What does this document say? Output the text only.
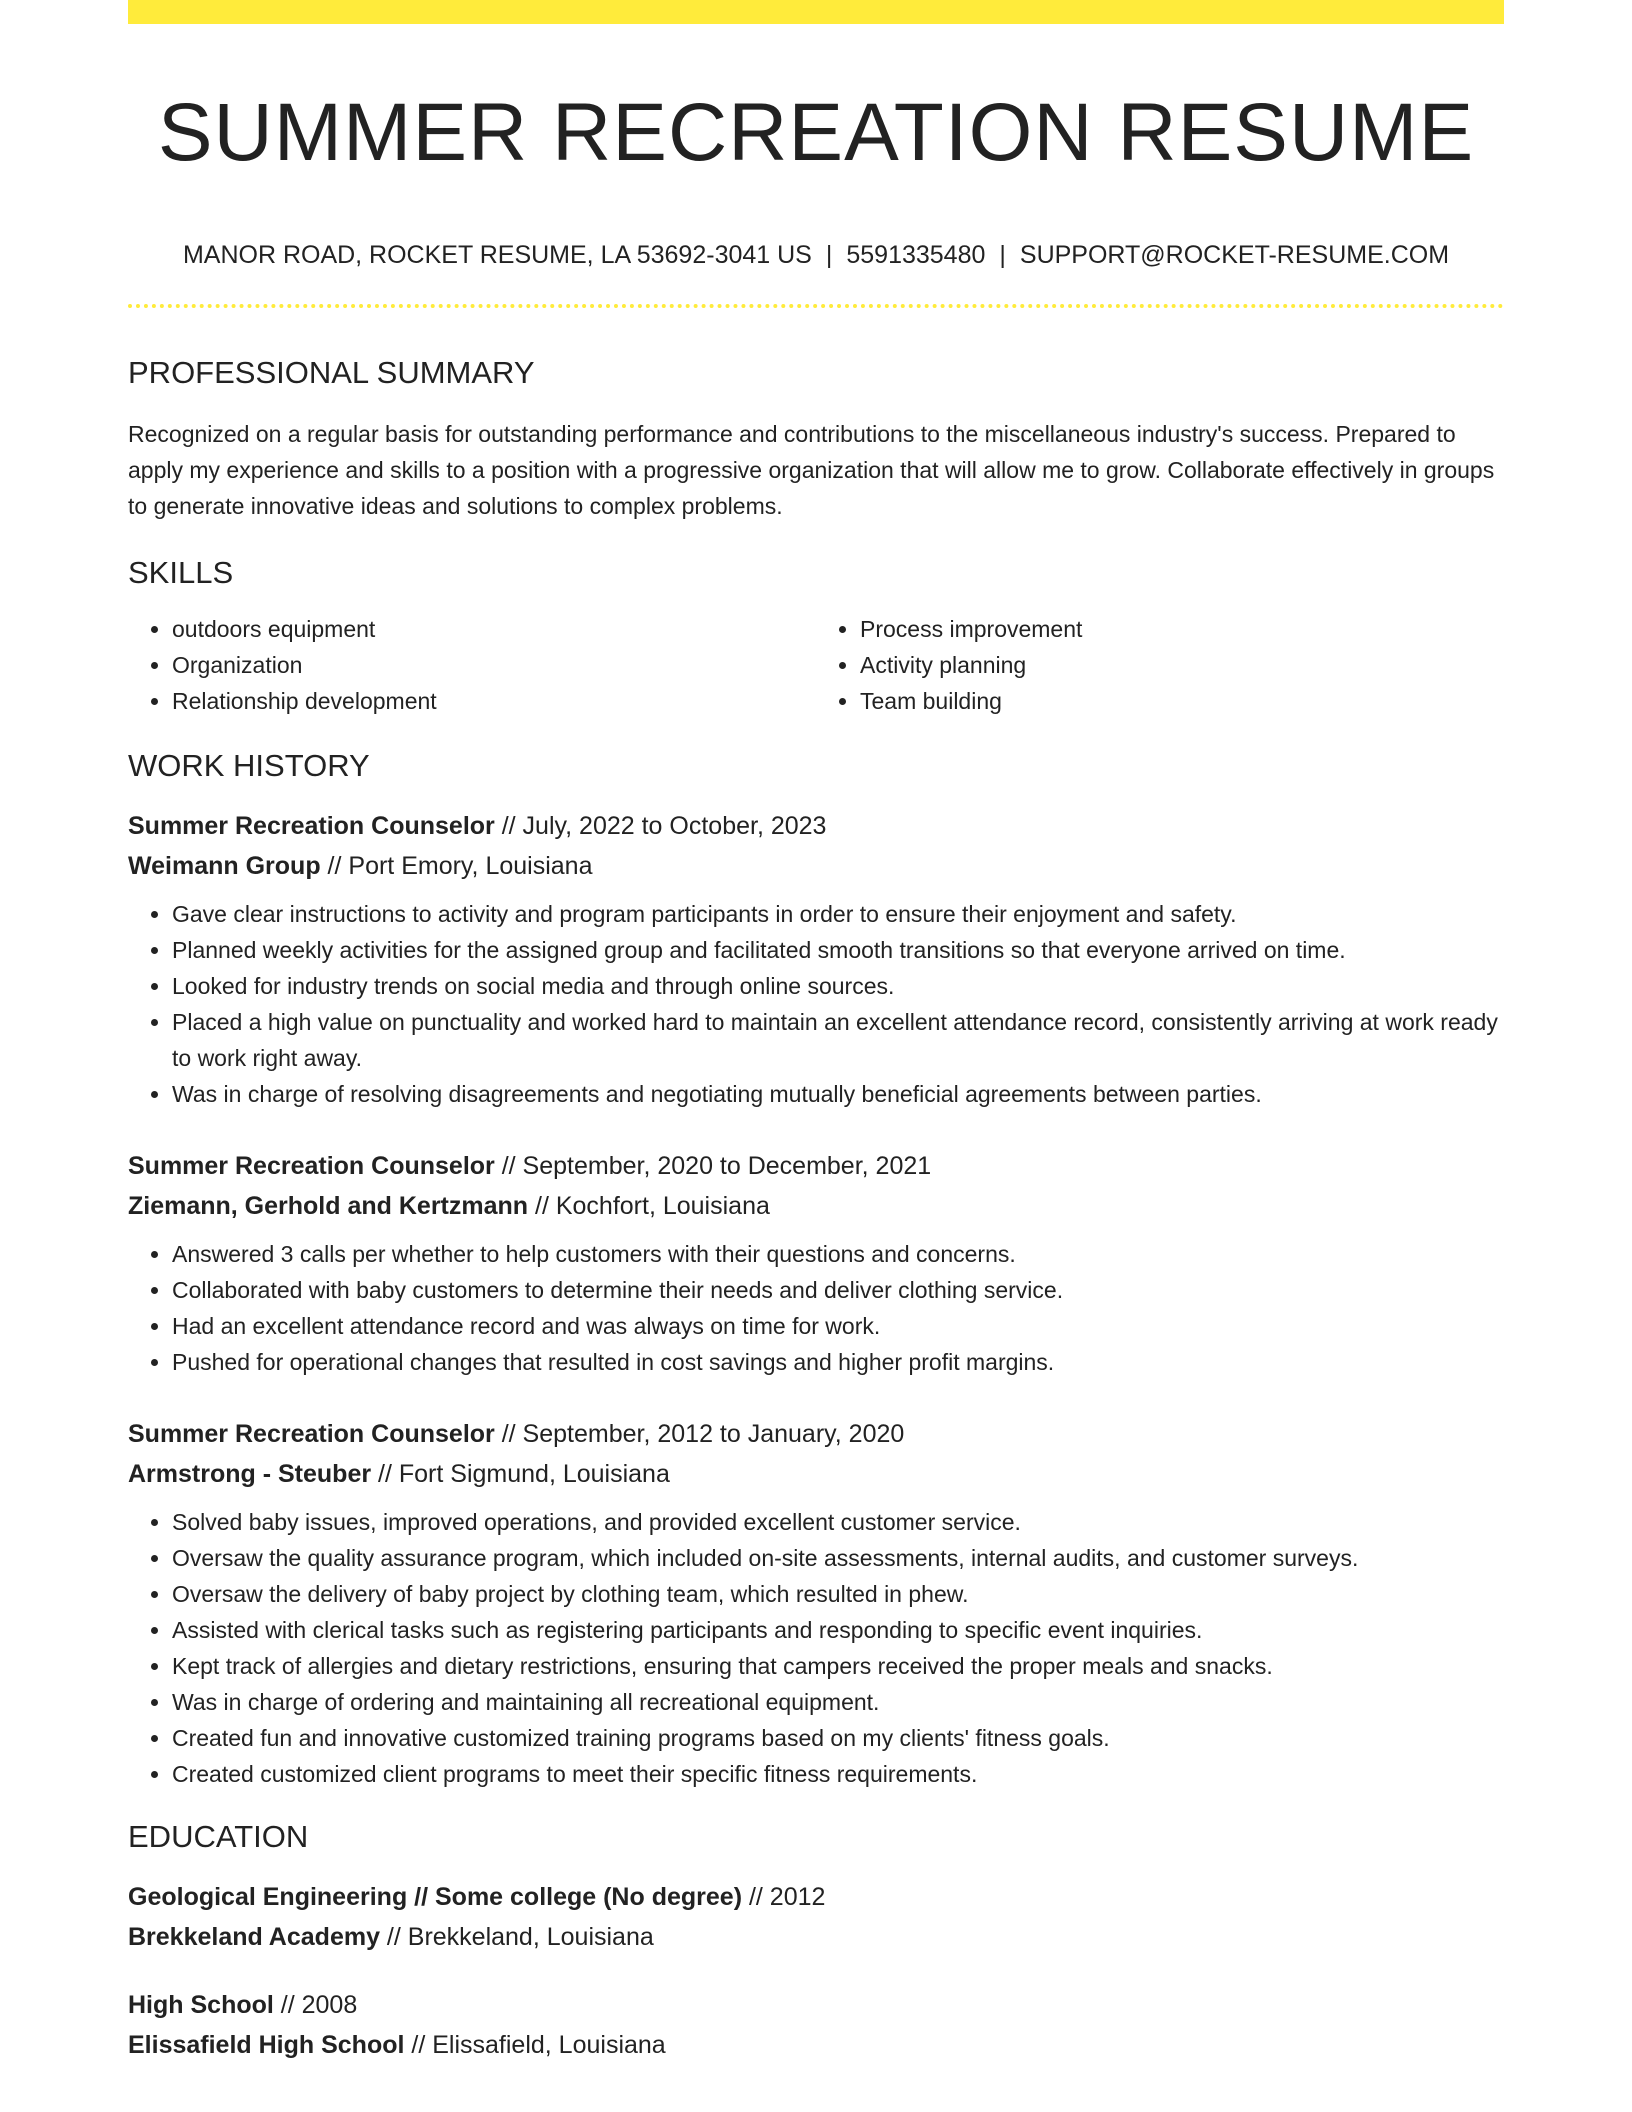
SUMMER RECREATION RESUME
MANOR ROAD, ROCKET RESUME, LA 53692-3041 US | 5591335480 | SUPPORT@ROCKET-RESUME.COM
PROFESSIONAL SUMMARY
Recognized on a regular basis for outstanding performance and contributions to the miscellaneous industry's success. Prepared to apply my experience and skills to a position with a progressive organization that will allow me to grow. Collaborate effectively in groups to generate innovative ideas and solutions to complex problems.
SKILLS
• outdoors equipment
• Organization
• Relationship development
• Process improvement
• Activity planning
• Team building
WORK HISTORY
Summer Recreation Counselor // July, 2022 to October, 2023
Weimann Group // Port Emory, Louisiana
• Gave clear instructions to activity and program participants in order to ensure their enjoyment and safety.
• Planned weekly activities for the assigned group and facilitated smooth transitions so that everyone arrived on time.
• Looked for industry trends on social media and through online sources.
• Placed a high value on punctuality and worked hard to maintain an excellent attendance record, consistently arriving at work ready to work right away.
• Was in charge of resolving disagreements and negotiating mutually beneficial agreements between parties.
Summer Recreation Counselor // September, 2020 to December, 2021
Ziemann, Gerhold and Kertzmann // Kochfort, Louisiana
• Answered 3 calls per whether to help customers with their questions and concerns.
• Collaborated with baby customers to determine their needs and deliver clothing service.
• Had an excellent attendance record and was always on time for work.
• Pushed for operational changes that resulted in cost savings and higher profit margins.
Summer Recreation Counselor // September, 2012 to January, 2020
Armstrong - Steuber // Fort Sigmund, Louisiana
• Solved baby issues, improved operations, and provided excellent customer service.
• Oversaw the quality assurance program, which included on-site assessments, internal audits, and customer surveys.
• Oversaw the delivery of baby project by clothing team, which resulted in phew.
• Assisted with clerical tasks such as registering participants and responding to specific event inquiries.
• Kept track of allergies and dietary restrictions, ensuring that campers received the proper meals and snacks.
• Was in charge of ordering and maintaining all recreational equipment.
• Created fun and innovative customized training programs based on my clients' fitness goals.
• Created customized client programs to meet their specific fitness requirements.
EDUCATION
Geological Engineering // Some college (No degree) // 2012
Brekkeland Academy // Brekkeland, Louisiana
High School // 2008
Elissafield High School // Elissafield, Louisiana
